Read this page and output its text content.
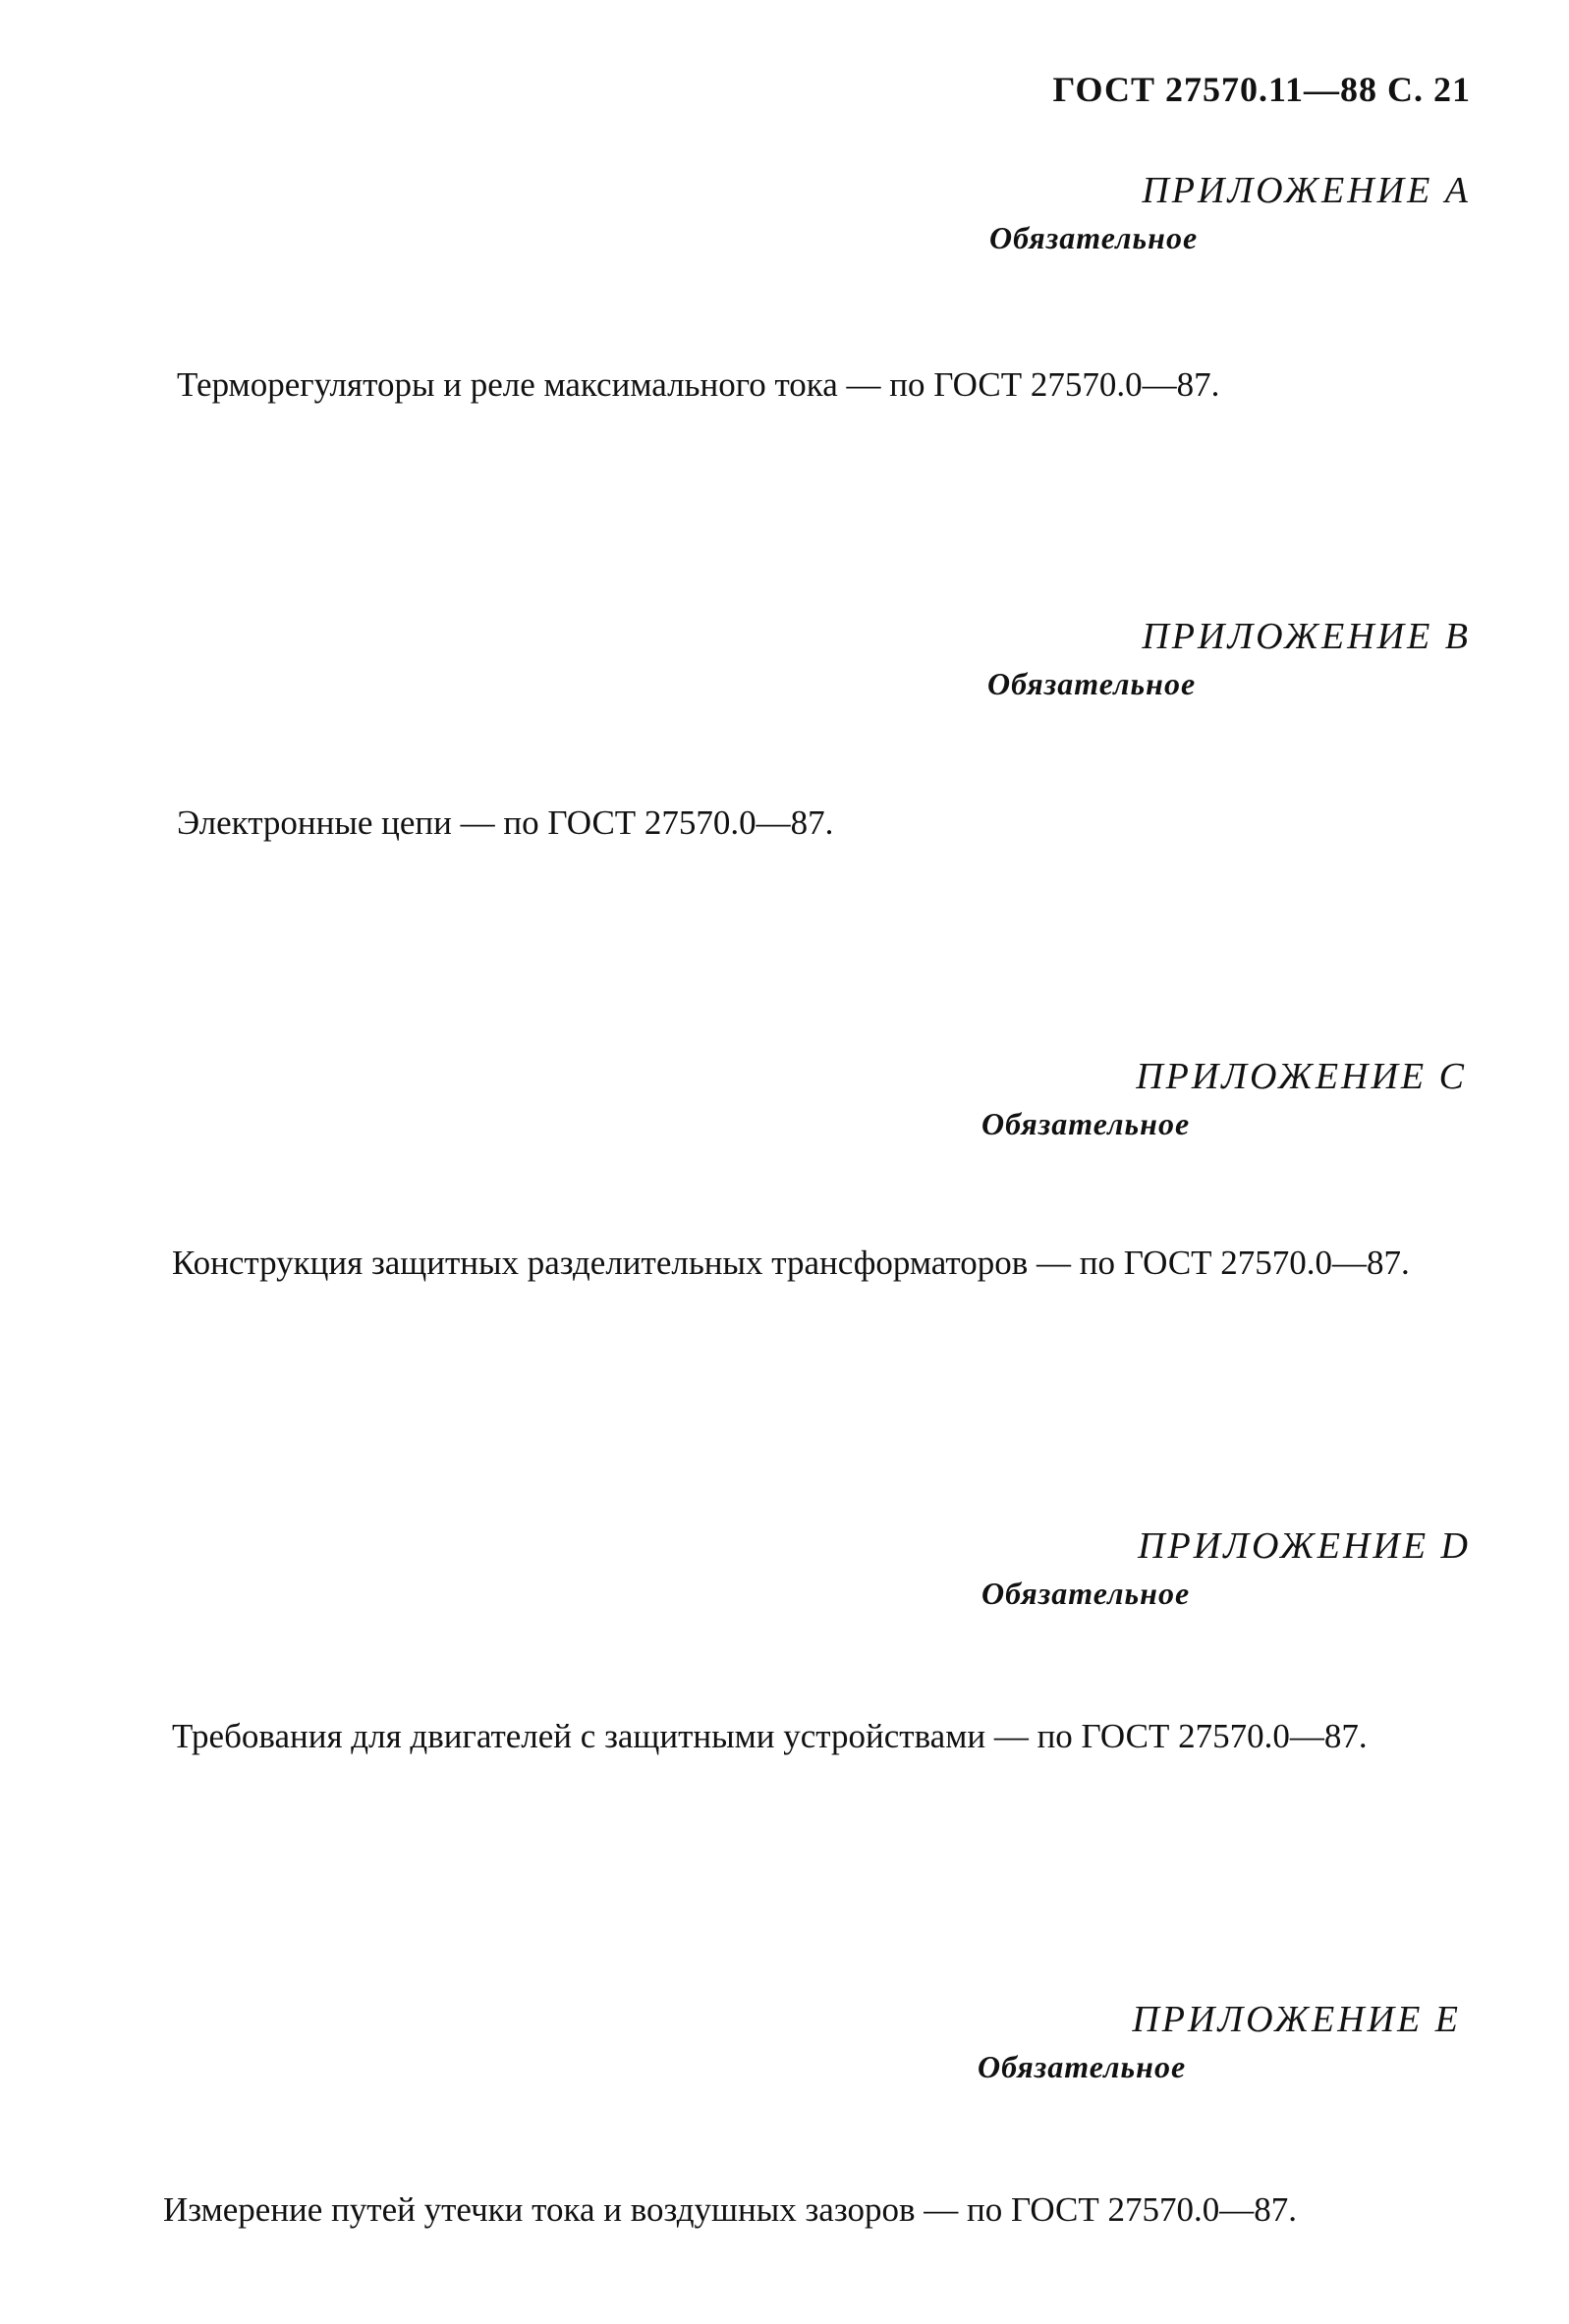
ГОСТ 27570.11—88 С. 21
ПРИЛОЖЕНИЕ А
Обязательное
Терморегуляторы и реле максимального тока — по ГОСТ 27570.0—87.
ПРИЛОЖЕНИЕ В
Обязательное
Электронные цепи — по ГОСТ 27570.0—87.
ПРИЛОЖЕНИЕ С
Обязательное
Конструкция защитных разделительных трансформаторов — по ГОСТ 27570.0—87.
ПРИЛОЖЕНИЕ D
Обязательное
Требования для двигателей с защитными устройствами — по ГОСТ 27570.0—87.
ПРИЛОЖЕНИЕ Е
Обязательное
Измерение путей утечки тока и воздушных зазоров — по ГОСТ 27570.0—87.
